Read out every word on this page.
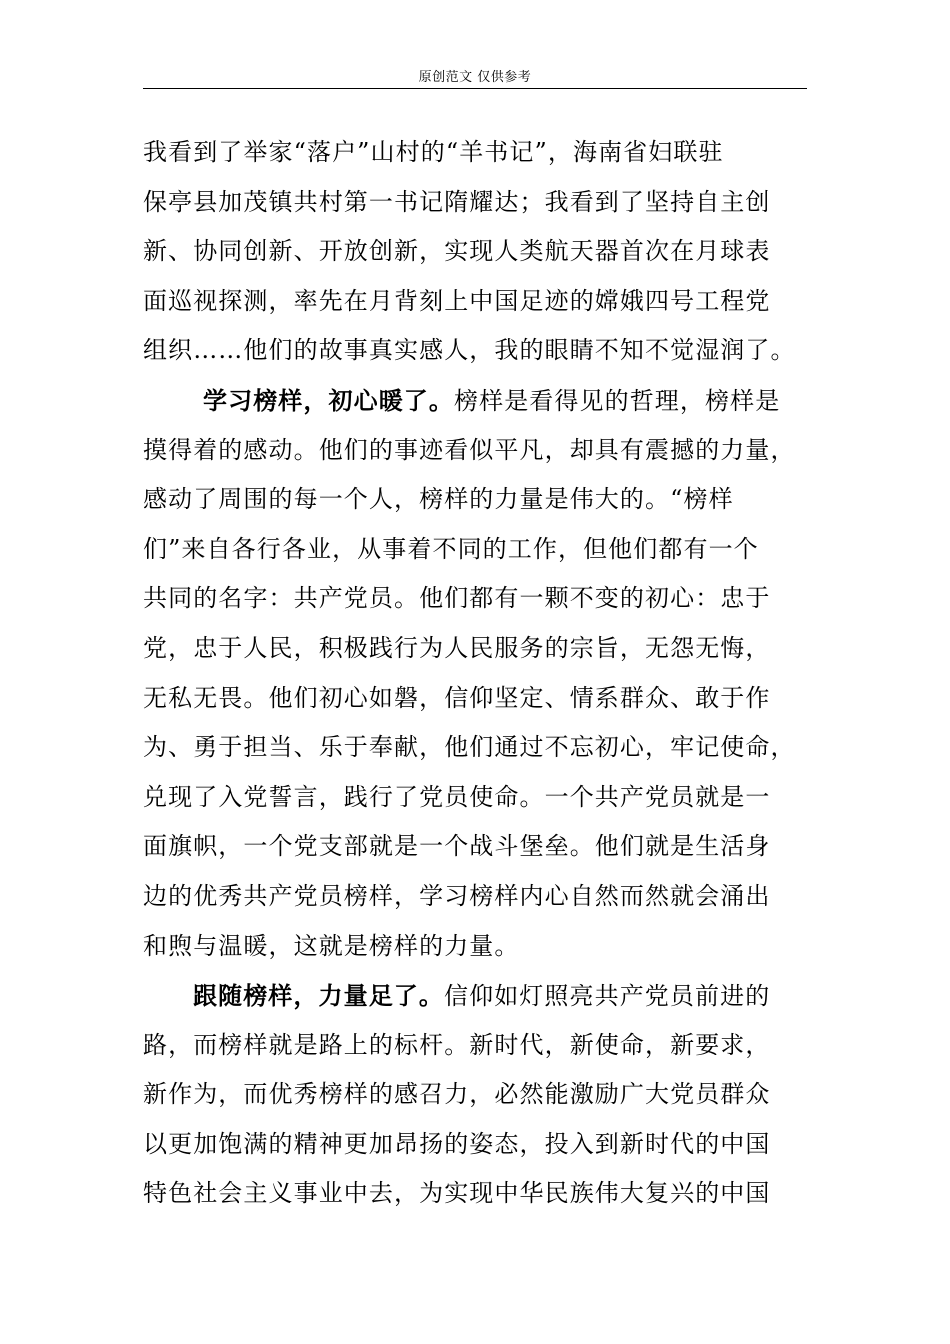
原创范文 仅供参考
我看到了举家“落户”山村的“羊书记”，海南省妇联驻
保亭县加茂镇共村第一书记隋耀达；我看到了坚持自主创
新、协同创新、开放创新，实现人类航天器首次在月球表
面巡视探测，率先在月背刻上中国足迹的嫦娥四号工程党
组织……他们的故事真实感人，我的眼睛不知不觉湿润了。
学习榜样，初心暖了。榜样是看得见的哲理，榜样是
摸得着的感动。他们的事迹看似平凡，却具有震撼的力量，
感动了周围的每一个人，榜样的力量是伟大的。“榜样
们”来自各行各业，从事着不同的工作，但他们都有一个
共同的名字：共产党员。他们都有一颗不变的初心：忠于
党，忠于人民，积极践行为人民服务的宗旨，无怨无悔，
无私无畏。他们初心如磐，信仰坚定、情系群众、敢于作
为、勇于担当、乐于奉献，他们通过不忘初心，牢记使命，
兑现了入党誓言，践行了党员使命。一个共产党员就是一
面旗帜，一个党支部就是一个战斗堡垒。他们就是生活身
边的优秀共产党员榜样，学习榜样内心自然而然就会涌出
和煦与温暖，这就是榜样的力量。
跟随榜样，力量足了。信仰如灯照亮共产党员前进的
路，而榜样就是路上的标杆。新时代，新使命，新要求，
新作为，而优秀榜样的感召力，必然能激励广大党员群众
以更加饱满的精神更加昂扬的姿态，投入到新时代的中国
特色社会主义事业中去，为实现中华民族伟大复兴的中国
